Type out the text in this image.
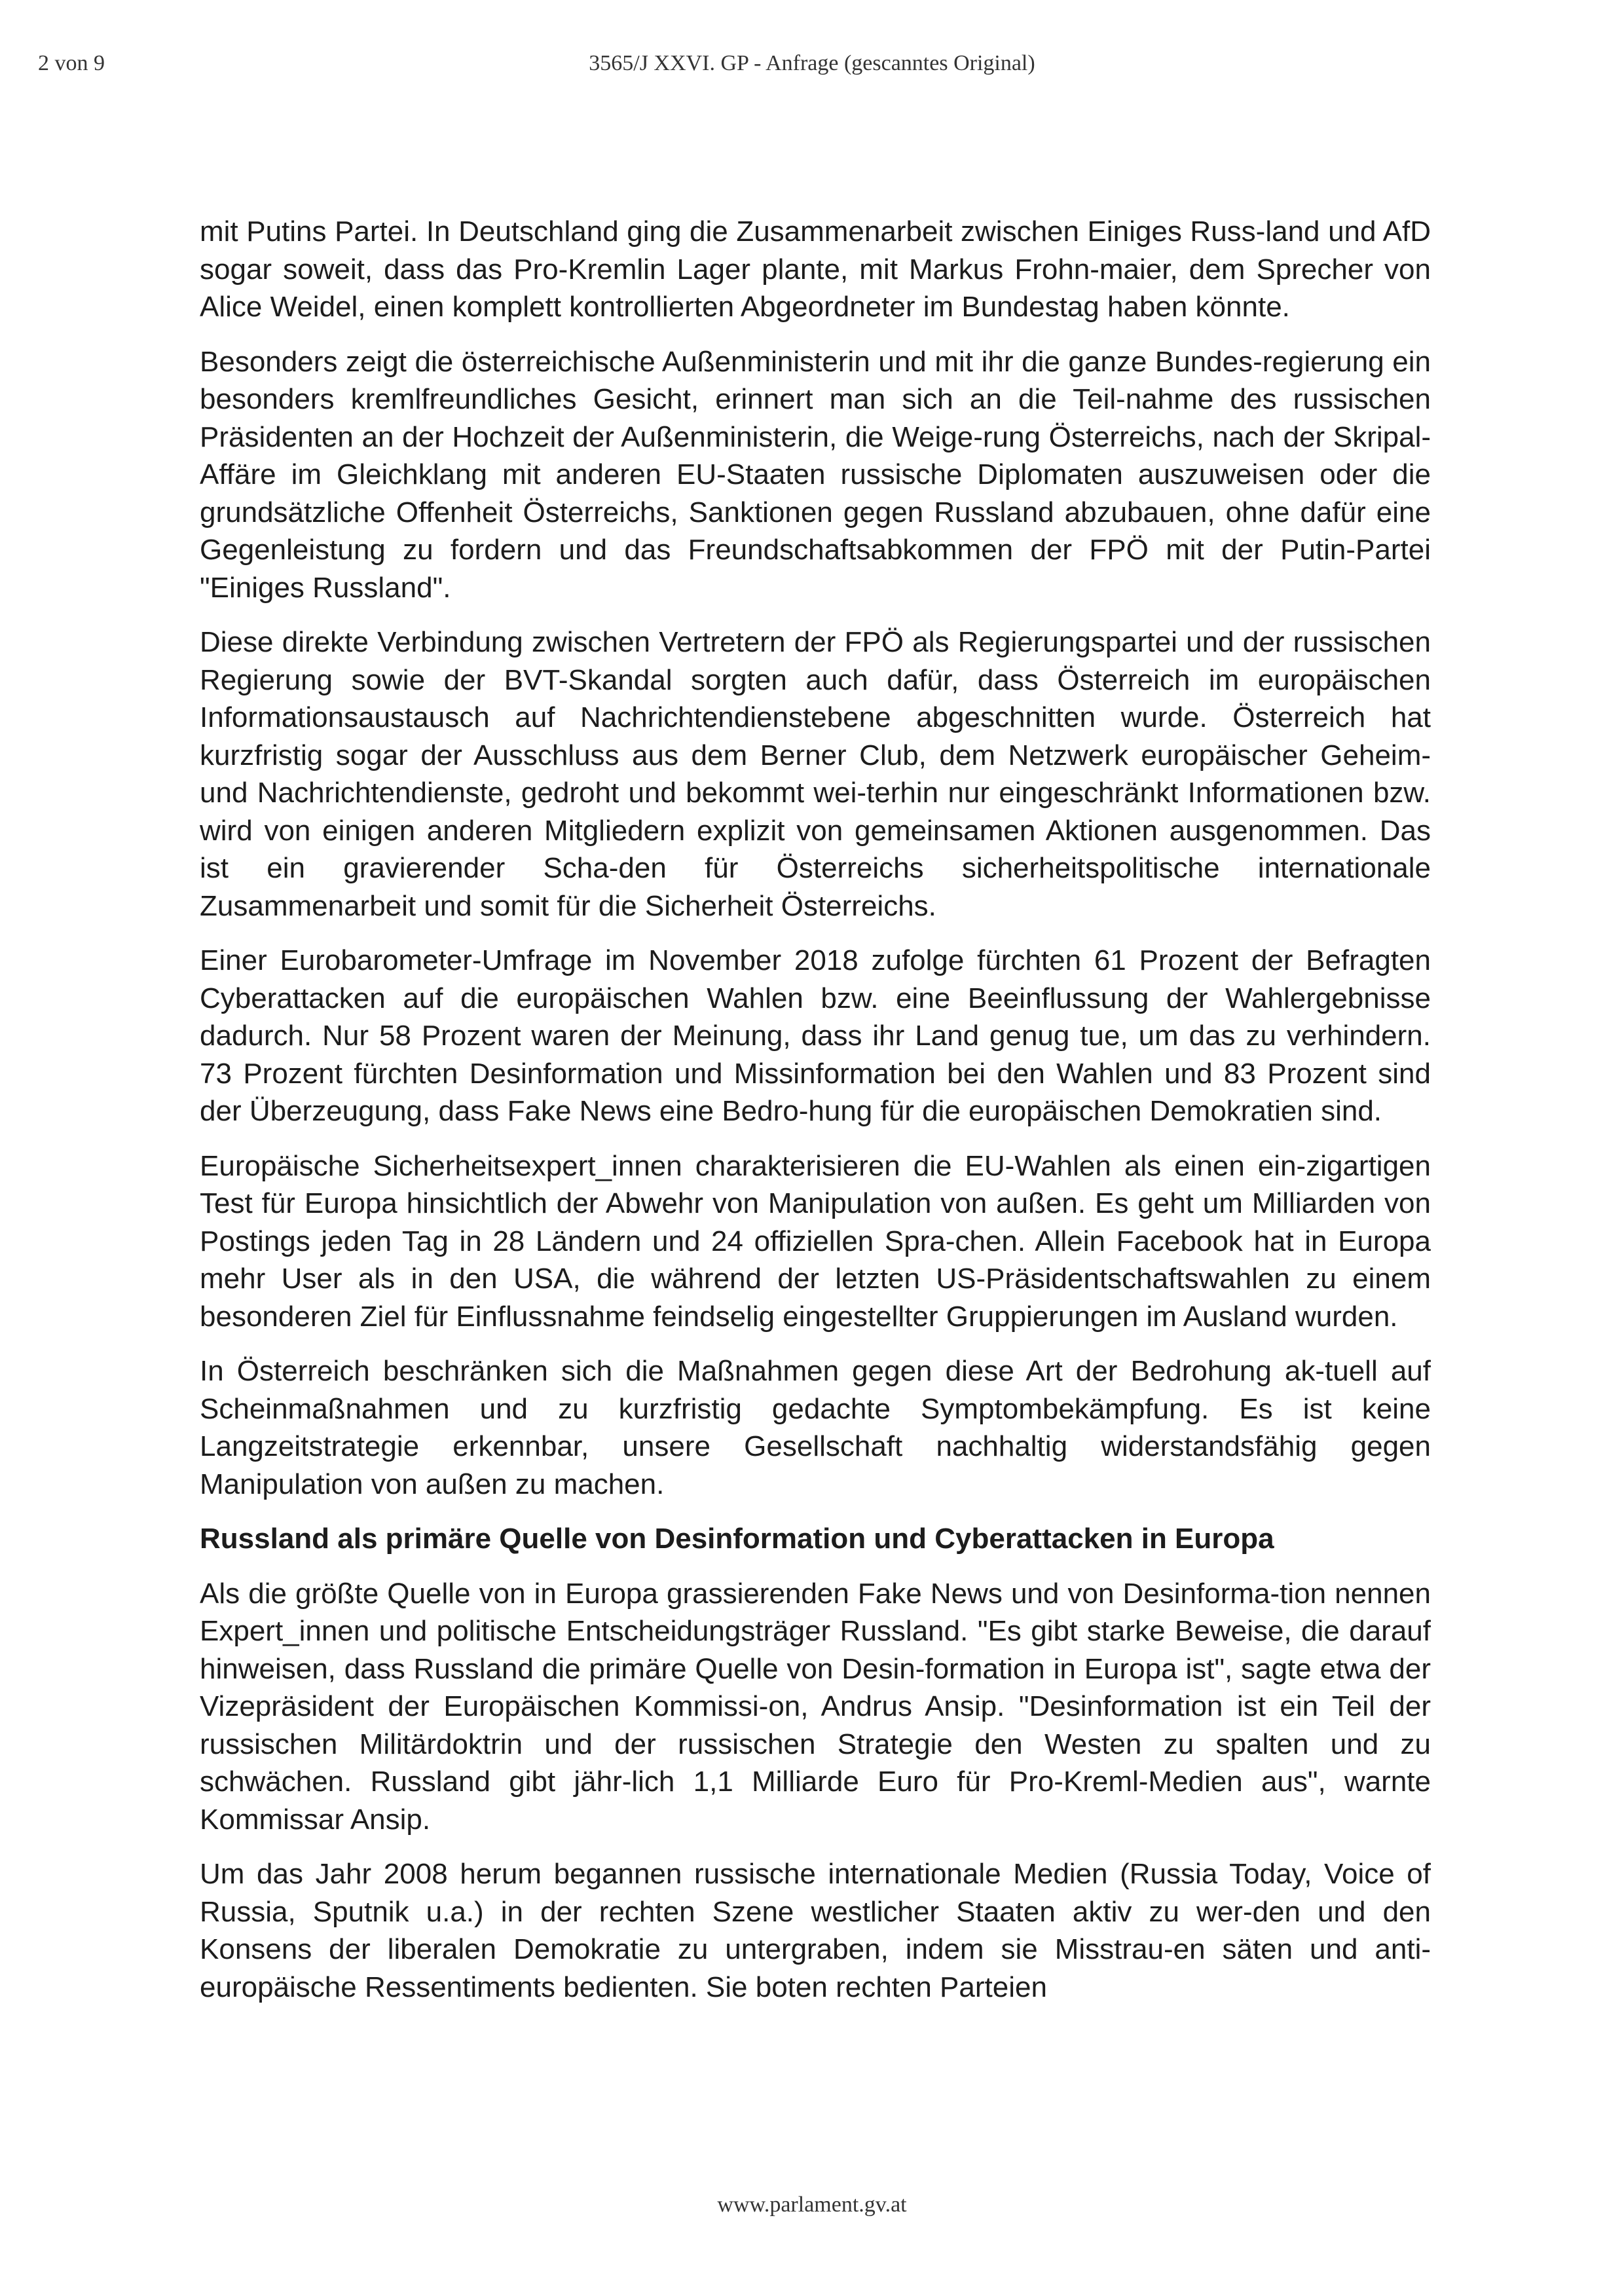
2 von 9	3565/J XXVI. GP - Anfrage (gescanntes Original)

mit Putins Partei. In Deutschland ging die Zusammenarbeit zwischen Einiges Russ-land und AfD sogar soweit, dass das Pro-Kremlin Lager plante, mit Markus Frohn-maier, dem Sprecher von Alice Weidel, einen komplett kontrollierten Abgeordneter im Bundestag haben könnte.

Besonders zeigt die österreichische Außenministerin und mit ihr die ganze Bundes-regierung ein besonders kremlfreundliches Gesicht, erinnert man sich an die Teil-nahme des russischen Präsidenten an der Hochzeit der Außenministerin, die Weige-rung Österreichs, nach der Skripal-Affäre im Gleichklang mit anderen EU-Staaten russische Diplomaten auszuweisen oder die grundsätzliche Offenheit Österreichs, Sanktionen gegen Russland abzubauen, ohne dafür eine Gegenleistung zu fordern und das Freundschaftsabkommen der FPÖ mit der Putin-Partei "Einiges Russland".

Diese direkte Verbindung zwischen Vertretern der FPÖ als Regierungspartei und der russischen Regierung sowie der BVT-Skandal sorgten auch dafür, dass Österreich im europäischen Informationsaustausch auf Nachrichtendienstebene abgeschnitten wurde. Österreich hat kurzfristig sogar der Ausschluss aus dem Berner Club, dem Netzwerk europäischer Geheim- und Nachrichtendienste, gedroht und bekommt wei-terhin nur eingeschränkt Informationen bzw. wird von einigen anderen Mitgliedern explizit von gemeinsamen Aktionen ausgenommen. Das ist ein gravierender Scha-den für Österreichs sicherheitspolitische internationale Zusammenarbeit und somit für die Sicherheit Österreichs.

Einer Eurobarometer-Umfrage im November 2018 zufolge fürchten 61 Prozent der Befragten Cyberattacken auf die europäischen Wahlen bzw. eine Beeinflussung der Wahlergebnisse dadurch. Nur 58 Prozent waren der Meinung, dass ihr Land genug tue, um das zu verhindern. 73 Prozent fürchten Desinformation und Missinformation bei den Wahlen und 83 Prozent sind der Überzeugung, dass Fake News eine Bedro-hung für die europäischen Demokratien sind.

Europäische Sicherheitsexpert_innen charakterisieren die EU-Wahlen als einen ein-zigartigen Test für Europa hinsichtlich der Abwehr von Manipulation von außen. Es geht um Milliarden von Postings jeden Tag in 28 Ländern und 24 offiziellen Spra-chen. Allein Facebook hat in Europa mehr User als in den USA, die während der letzten US-Präsidentschaftswahlen zu einem besonderen Ziel für Einflussnahme feindselig eingestellter Gruppierungen im Ausland wurden.

In Österreich beschränken sich die Maßnahmen gegen diese Art der Bedrohung ak-tuell auf Scheinmaßnahmen und zu kurzfristig gedachte Symptombekämpfung. Es ist keine Langzeitstrategie erkennbar, unsere Gesellschaft nachhaltig widerstandsfähig gegen Manipulation von außen zu machen.

Russland als primäre Quelle von Desinformation und Cyberattacken in Europa

Als die größte Quelle von in Europa grassierenden Fake News und von Desinforma-tion nennen Expert_innen und politische Entscheidungsträger Russland. "Es gibt starke Beweise, die darauf hinweisen, dass Russland die primäre Quelle von Desin-formation in Europa ist", sagte etwa der Vizepräsident der Europäischen Kommissi-on, Andrus Ansip. "Desinformation ist ein Teil der russischen Militärdoktrin und der russischen Strategie den Westen zu spalten und zu schwächen. Russland gibt jähr-lich 1,1 Milliarde Euro für Pro-Kreml-Medien aus", warnte Kommissar Ansip.

Um das Jahr 2008 herum begannen russische internationale Medien (Russia Today, Voice of Russia, Sputnik u.a.) in der rechten Szene westlicher Staaten aktiv zu wer-den und den Konsens der liberalen Demokratie zu untergraben, indem sie Misstrau-en säten und anti-europäische Ressentiments bedienten. Sie boten rechten Parteien

www.parlament.gv.at
